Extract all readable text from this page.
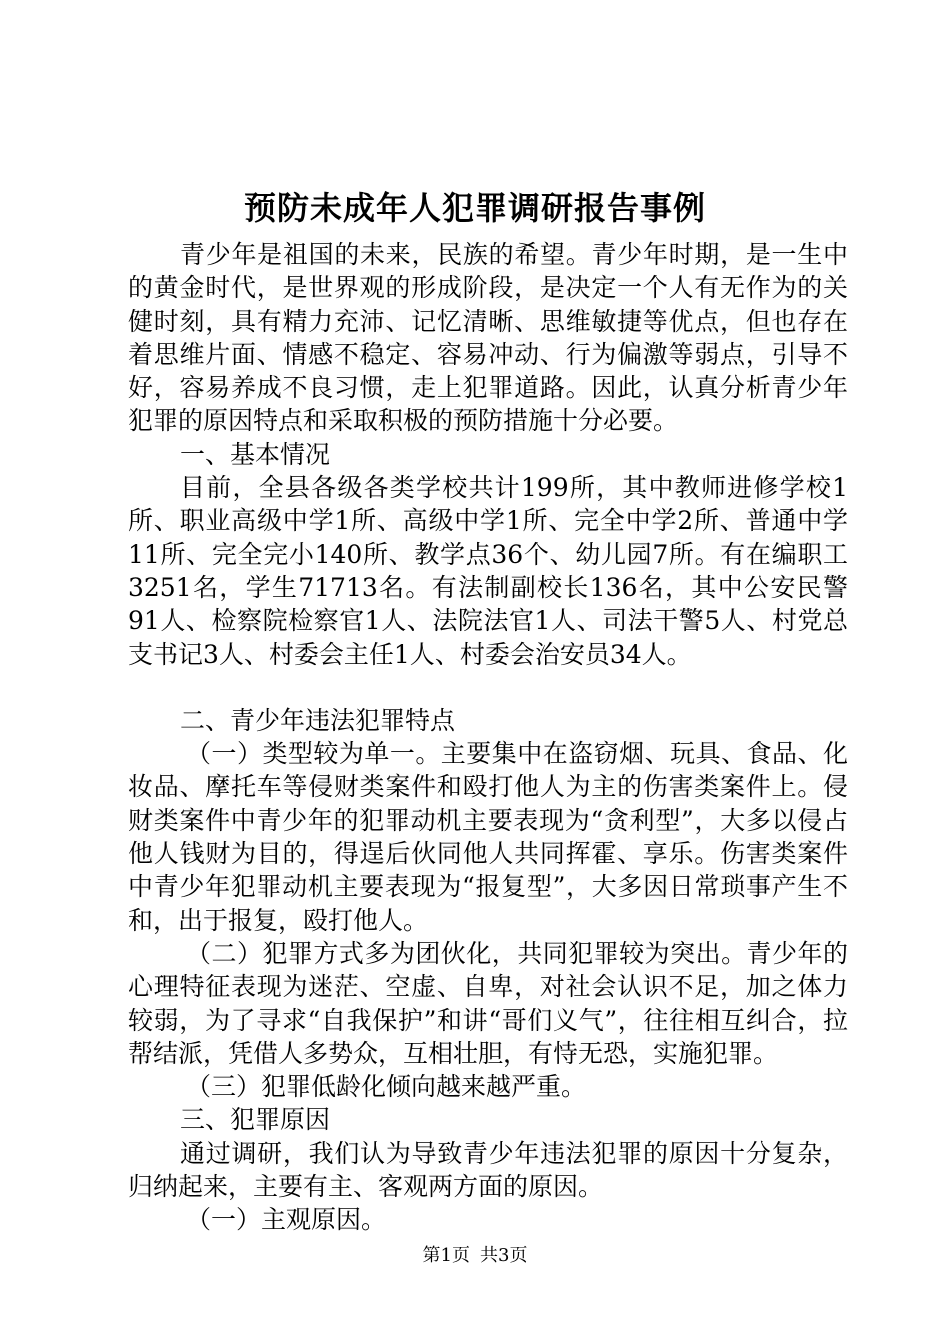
预防未成年人犯罪调研报告事例

青少年是祖国的未来，民族的希望。青少年时期，是一生中的黄金时代，是世界观的形成阶段，是决定一个人有无作为的关健时刻，具有精力充沛、记忆清晰、思维敏捷等优点，但也存在着思维片面、情感不稳定、容易冲动、行为偏激等弱点，引导不好，容易养成不良习惯，走上犯罪道路。因此，认真分析青少年犯罪的原因特点和采取积极的预防措施十分必要。

一、基本情况

目前，全县各级各类学校共计199所，其中教师进修学校1所、职业高级中学1所、高级中学1所、完全中学2所、普通中学11所、完全完小140所、教学点36个、幼儿园7所。有在编职工3251名，学生71713名。有法制副校长136名，其中公安民警91人、检察院检察官1人、法院法官1人、司法干警5人、村党总支书记3人、村委会主任1人、村委会治安员34人。

二、青少年违法犯罪特点

（一）类型较为单一。主要集中在盗窃烟、玩具、食品、化妆品、摩托车等侵财类案件和殴打他人为主的伤害类案件上。侵财类案件中青少年的犯罪动机主要表现为“贪利型”，大多以侵占他人钱财为目的，得逞后伙同他人共同挥霍、享乐。伤害类案件中青少年犯罪动机主要表现为“报复型”，大多因日常琐事产生不和，出于报复，殴打他人。

（二）犯罪方式多为团伙化，共同犯罪较为突出。青少年的心理特征表现为迷茫、空虚、自卑，对社会认识不足，加之体力较弱，为了寻求“自我保护”和讲“哥们义气”，往往相互纠合，拉帮结派，凭借人多势众，互相壮胆，有恃无恐，实施犯罪。

（三）犯罪低龄化倾向越来越严重。

三、犯罪原因

通过调研，我们认为导致青少年违法犯罪的原因十分复杂，归纳起来，主要有主、客观两方面的原因。

（一）主观原因。

第1页 共3页
